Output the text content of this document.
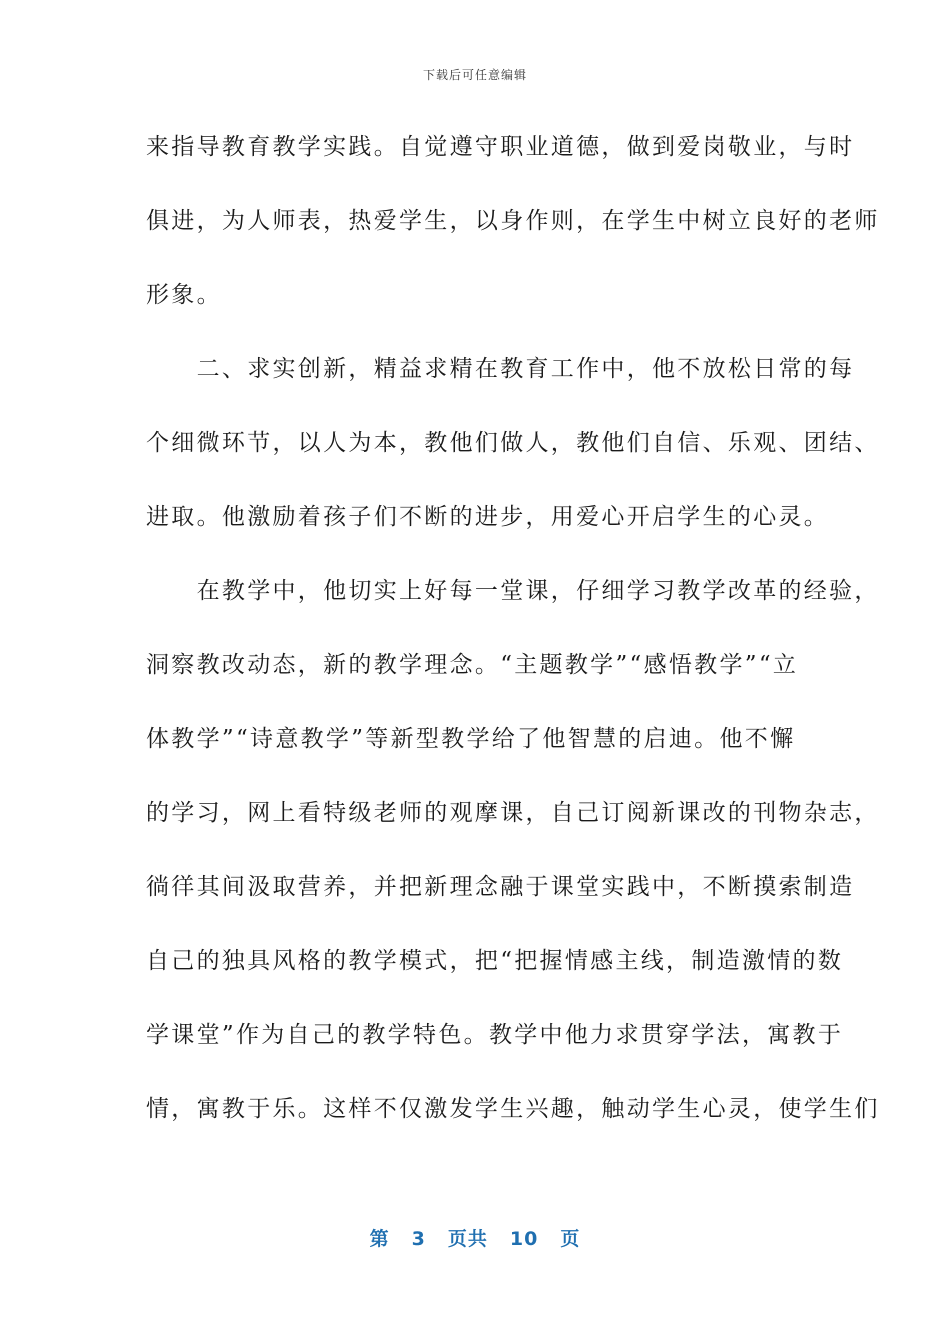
下载后可任意编辑
来指导教育教学实践。自觉遵守职业道德，做到爱岗敬业，与时
俱进，为人师表，热爱学生，以身作则，在学生中树立良好的老师
形象。
　　二、求实创新，精益求精在教育工作中，他不放松日常的每
个细微环节，以人为本，教他们做人，教他们自信、乐观、团结、
进取。他激励着孩子们不断的进步，用爱心开启学生的心灵。
　　在教学中，他切实上好每一堂课，仔细学习教学改革的经验，
洞察教改动态，新的教学理念。“主题教学”“感悟教学”“立
体教学”“诗意教学”等新型教学给了他智慧的启迪。他不懈
的学习，网上看特级老师的观摩课，自己订阅新课改的刊物杂志，
徜徉其间汲取营养，并把新理念融于课堂实践中，不断摸索制造
自己的独具风格的教学模式，把“把握情感主线，制造激情的数
学课堂”作为自己的教学特色。教学中他力求贯穿学法，寓教于
情，寓教于乐。这样不仅激发学生兴趣，触动学生心灵，使学生们
第 3 页共 10 页
